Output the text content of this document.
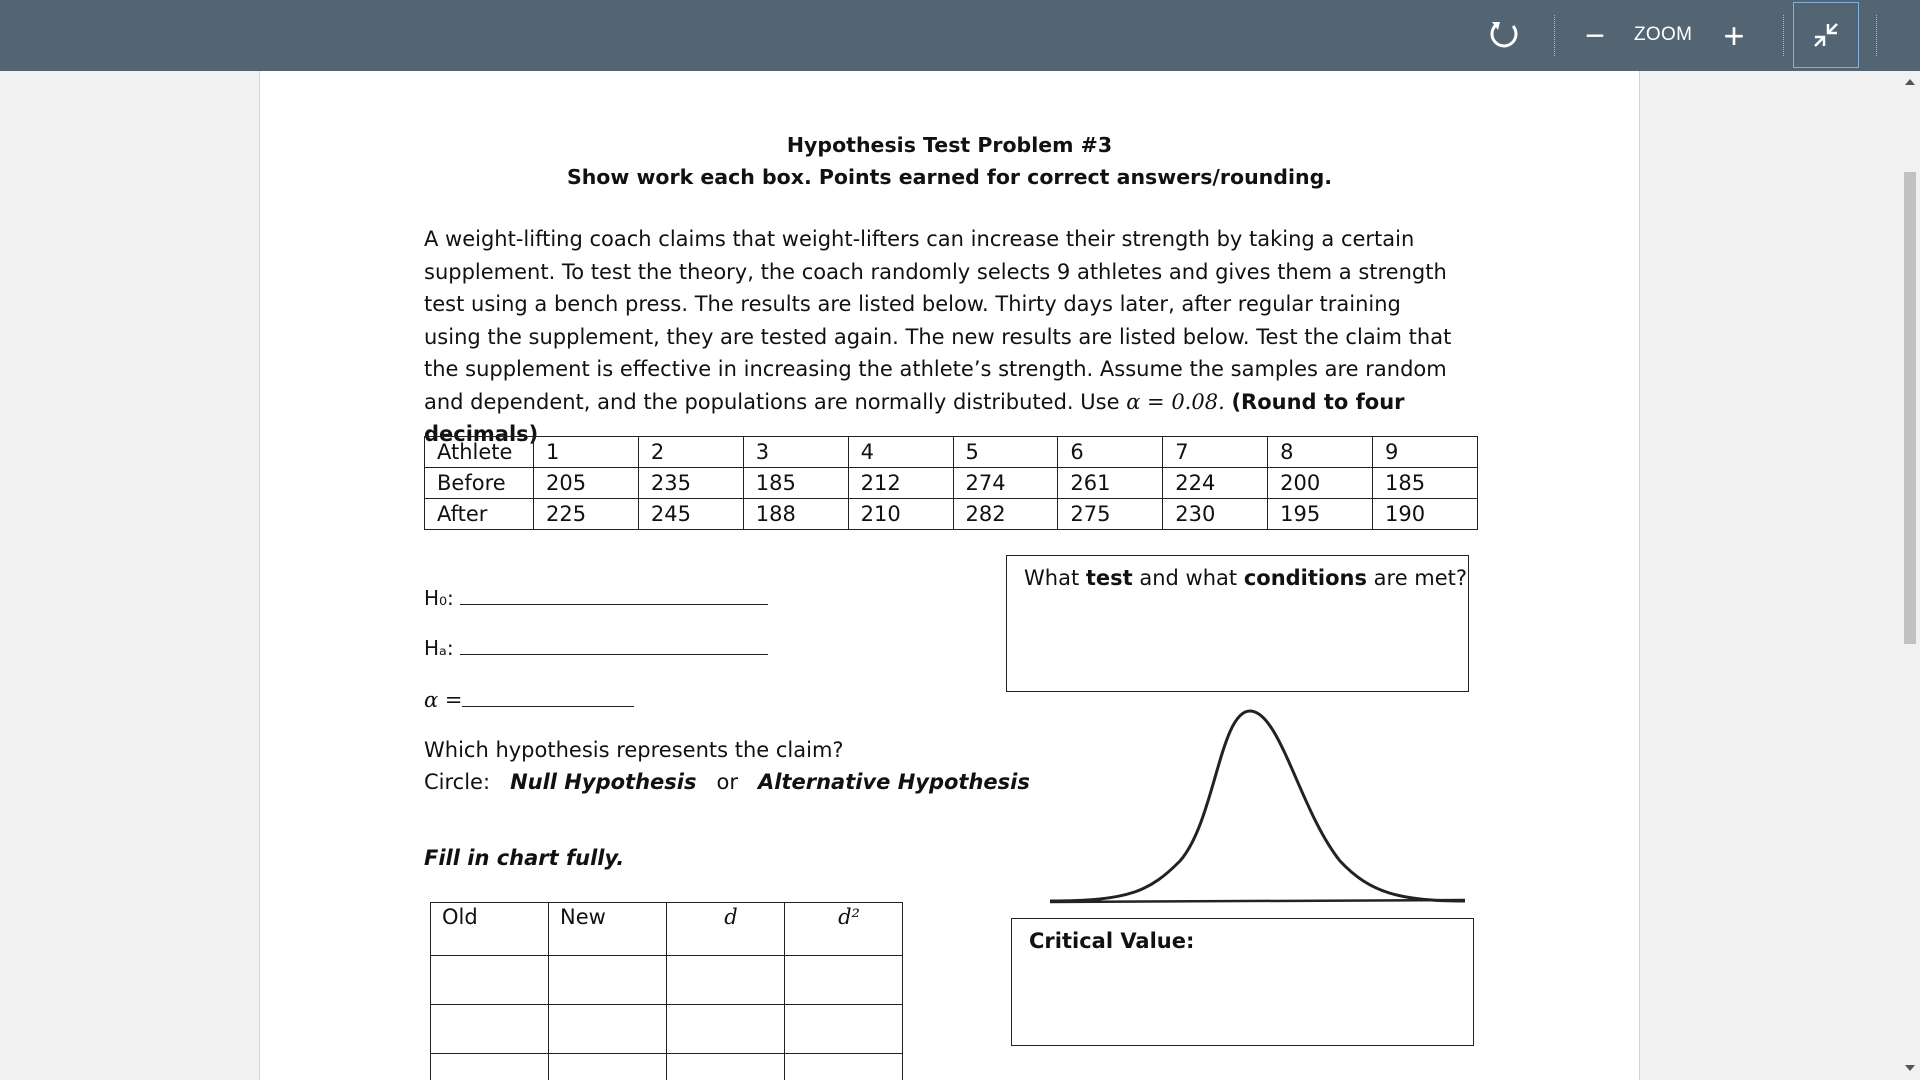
−	ZOOM +
Hypothesis Test Problem #3
Show work each box. Points earned for correct answers/rounding.
A weight-lifting coach claims that weight-lifters can increase their strength by taking a certain supplement. To test the theory, the coach randomly selects 9 athletes and gives them a strength test using a bench press. The results are listed below. Thirty days later, after regular training using the supplement, they are tested again. The new results are listed below. Test the claim that the supplement is effective in increasing the athlete’s strength. Assume the samples are random and dependent, and the populations are normally distributed. Use α = 0.08. (Round to four decimals)
Athlete	1	2	3	4	5	6	7	8	9
Before	205	235	185	212	274	261	224	200	185
After	225	245	188	210	282	275	230	195	190
H₀:
Hₐ:
α =
Which hypothesis represents the claim?
Circle: Null Hypothesis or Alternative Hypothesis
Fill in chart fully.
What test and what conditions are met?
Critical Value:
Old	New	d	d²
